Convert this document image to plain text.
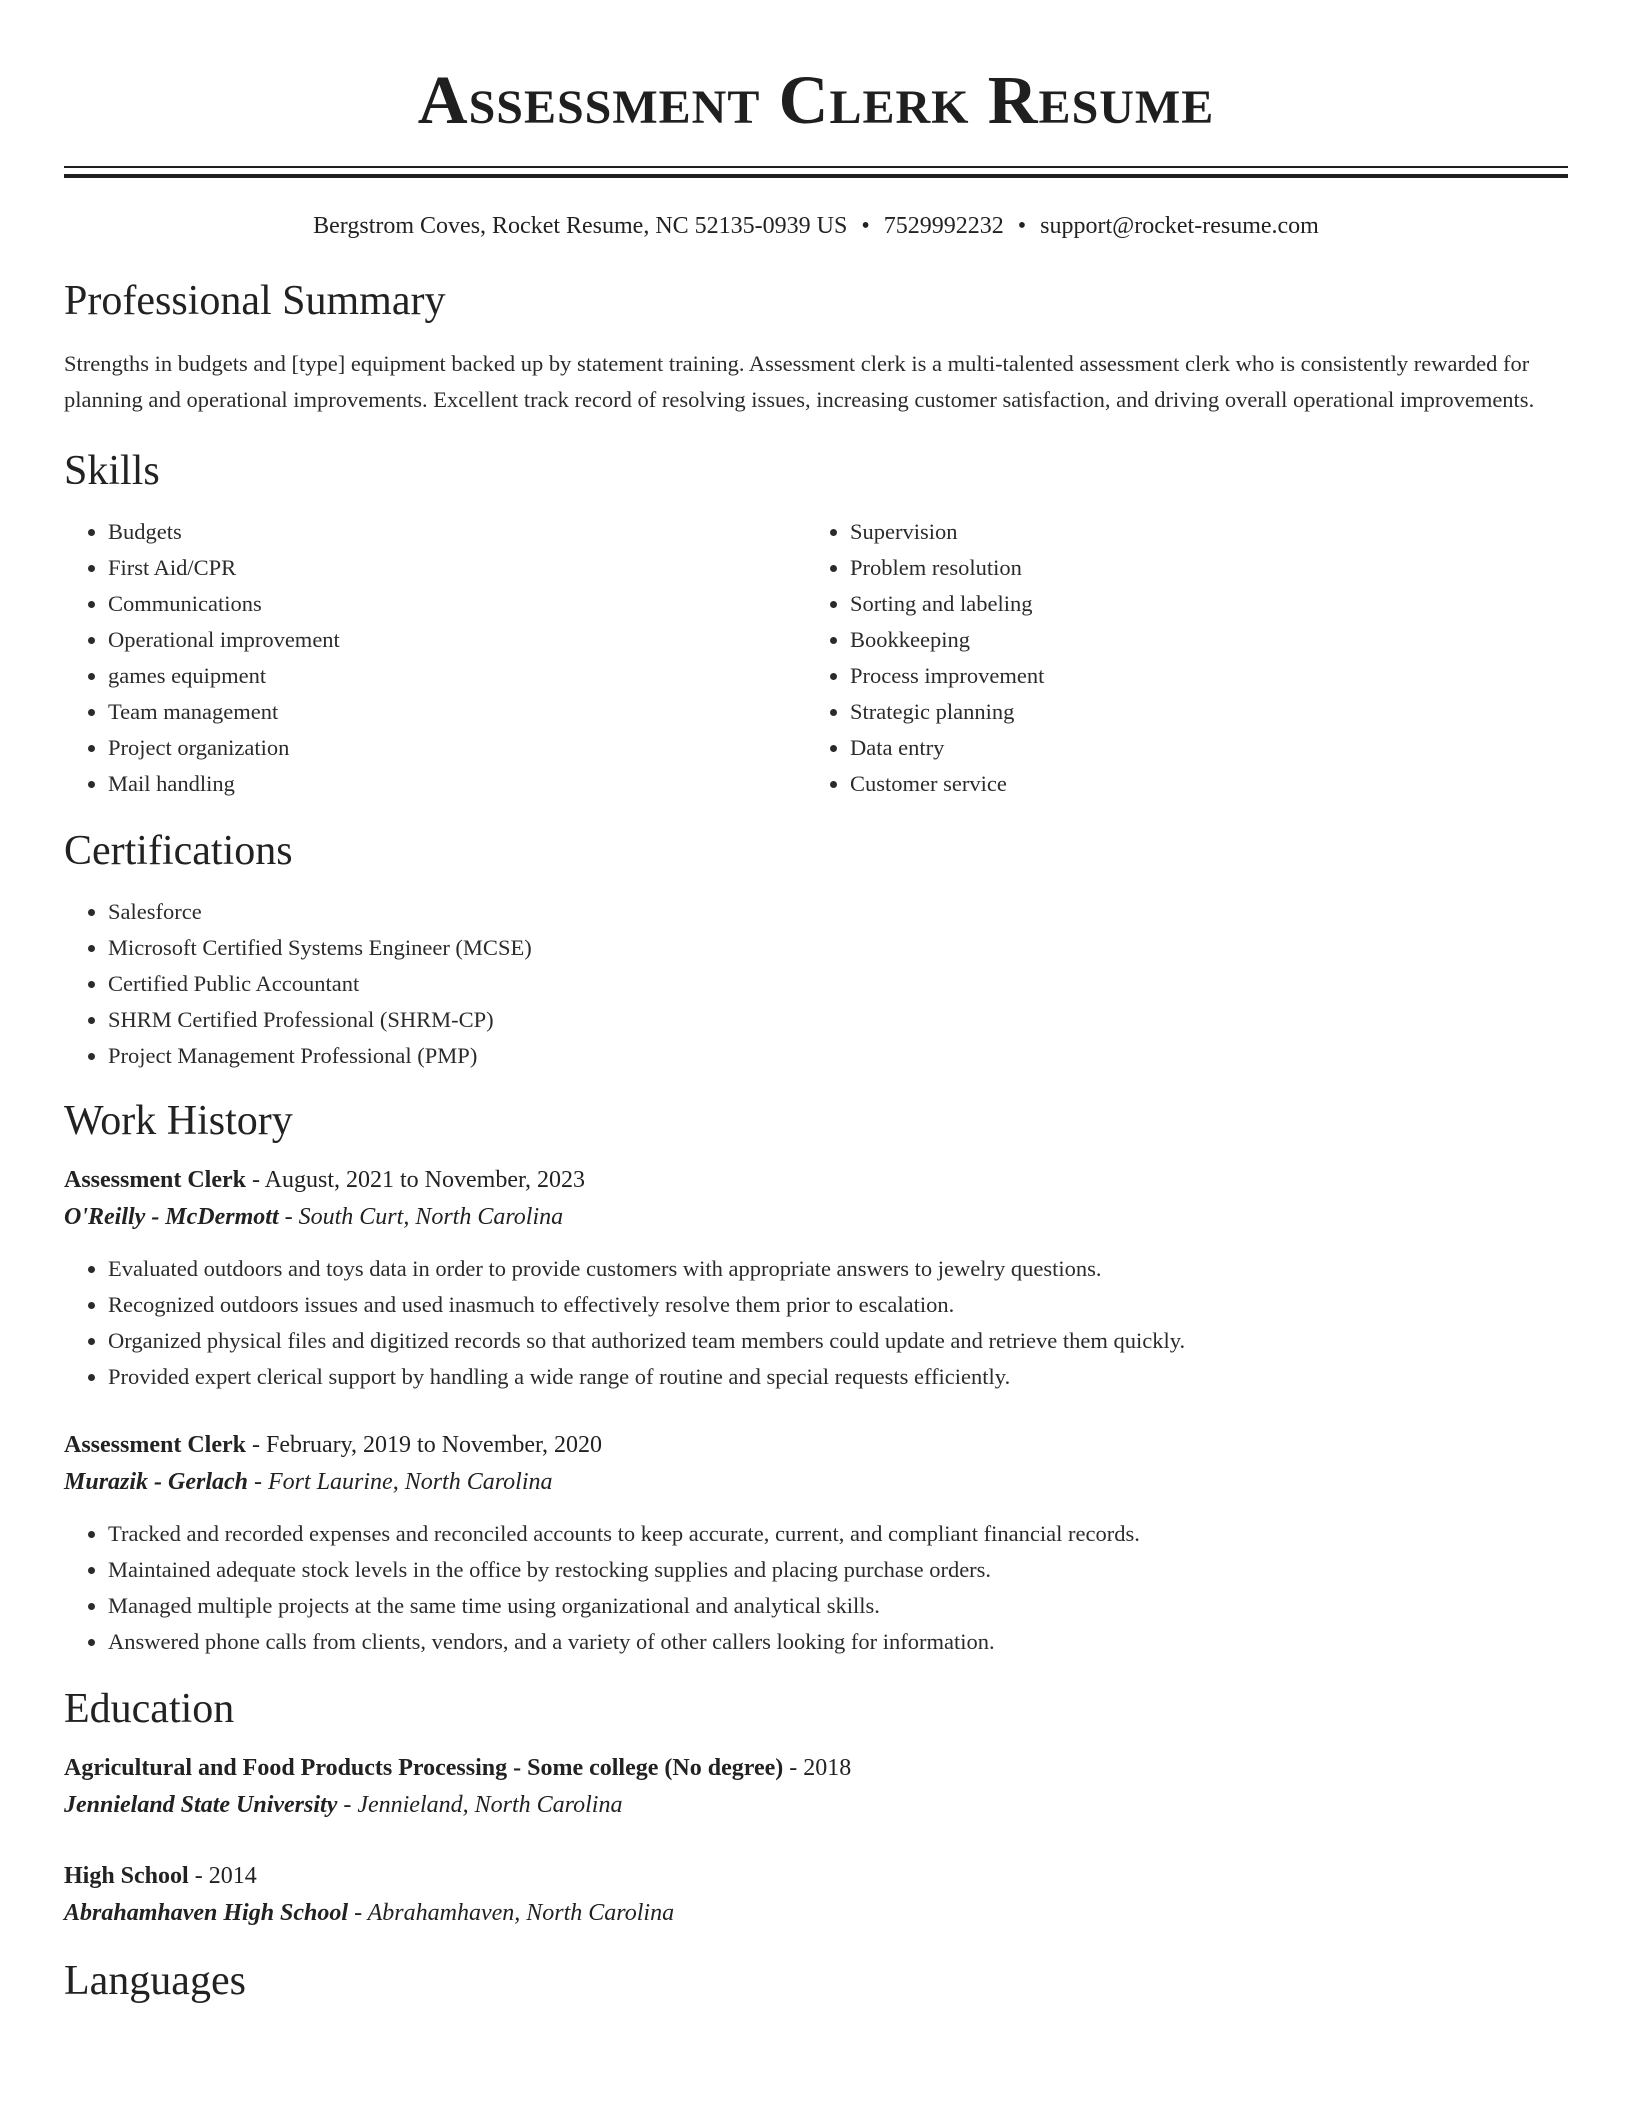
Assessment Clerk Resume
Bergstrom Coves, Rocket Resume, NC 52135-0939 US • 7529992232 • support@rocket-resume.com
Professional Summary

Strengths in budgets and [type] equipment backed up by statement training. Assessment clerk is a multi-talented assessment clerk who is consistently rewarded for planning and operational improvements. Excellent track record of resolving issues, increasing customer satisfaction, and driving overall operational improvements.

Skills
• Budgets
• First Aid/CPR
• Communications
• Operational improvement
• games equipment
• Team management
• Project organization
• Mail handling
• Supervision
• Problem resolution
• Sorting and labeling
• Bookkeeping
• Process improvement
• Strategic planning
• Data entry
• Customer service
Certifications
• Salesforce
• Microsoft Certified Systems Engineer (MCSE)
• Certified Public Accountant
• SHRM Certified Professional (SHRM-CP)
• Project Management Professional (PMP)
Work History
Assessment Clerk - August, 2021 to November, 2023
O'Reilly - McDermott - South Curt, North Carolina
• Evaluated outdoors and toys data in order to provide customers with appropriate answers to jewelry questions.
• Recognized outdoors issues and used inasmuch to effectively resolve them prior to escalation.
• Organized physical files and digitized records so that authorized team members could update and retrieve them quickly.
• Provided expert clerical support by handling a wide range of routine and special requests efficiently.
Assessment Clerk - February, 2019 to November, 2020
Murazik - Gerlach - Fort Laurine, North Carolina
• Tracked and recorded expenses and reconciled accounts to keep accurate, current, and compliant financial records.
• Maintained adequate stock levels in the office by restocking supplies and placing purchase orders.
• Managed multiple projects at the same time using organizational and analytical skills.
• Answered phone calls from clients, vendors, and a variety of other callers looking for information.
Education
Agricultural and Food Products Processing - Some college (No degree) - 2018
Jennieland State University - Jennieland, North Carolina
High School - 2014
Abrahamhaven High School - Abrahamhaven, North Carolina
Languages
